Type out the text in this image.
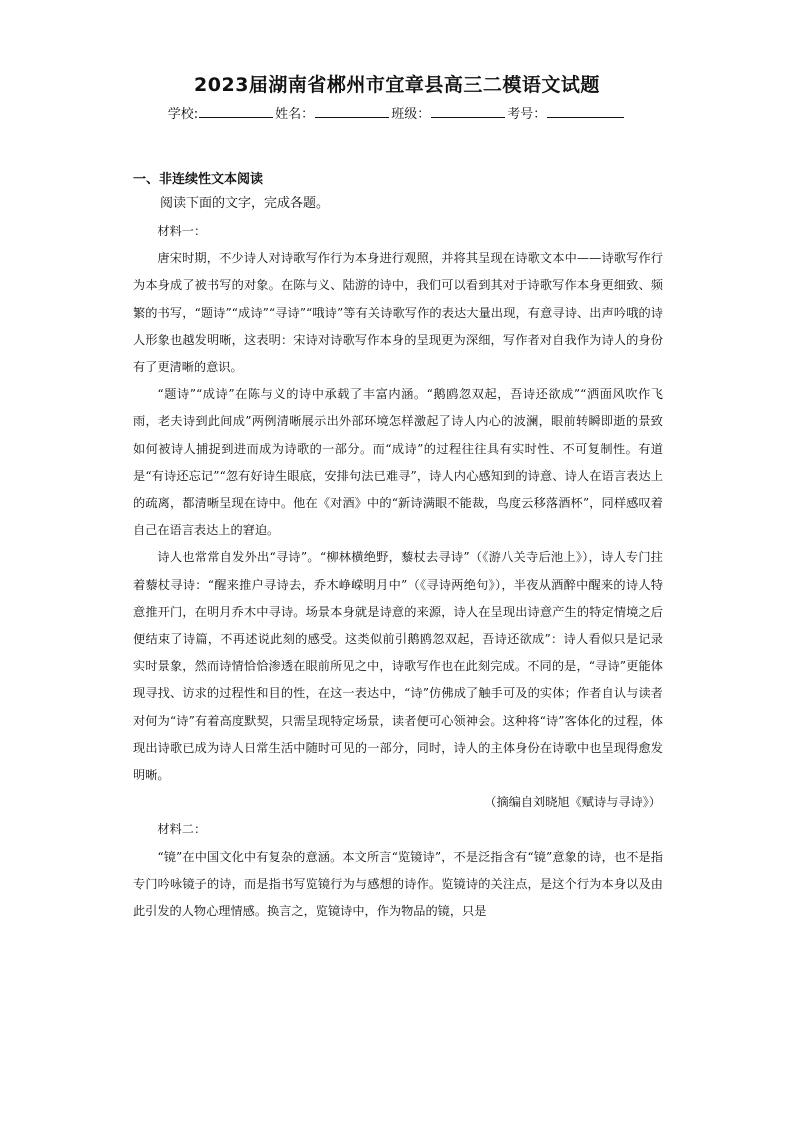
2023届湖南省郴州市宜章县高三二模语文试题
学校:	姓名：	班级：	考号：
一、非连续性文本阅读
阅读下面的文字，完成各题。

材料一：

唐宋时期，不少诗人对诗歌写作行为本身进行观照，并将其呈现在诗歌文本中——诗歌写作行为本身成了被书写的对象。在陈与义、陆游的诗中，我们可以看到其对于诗歌写作本身更细致、频繁的书写，“题诗”“成诗”“寻诗”“哦诗”等有关诗歌写作的表达大量出现，有意寻诗、出声吟哦的诗人形象也越发明晰，这表明：宋诗对诗歌写作本身的呈现更为深细，写作者对自我作为诗人的身份有了更清晰的意识。

“题诗”“成诗”在陈与义的诗中承载了丰富内涵。“鹅鸥忽双起，吾诗还欲成”“洒面风吹作飞雨，老夫诗到此间成”两例清晰展示出外部环境怎样激起了诗人内心的波澜，眼前转瞬即逝的景致如何被诗人捕捉到进而成为诗歌的一部分。而“成诗”的过程往往具有实时性、不可复制性。有道是“有诗还忘记”“忽有好诗生眼底，安排句法已难寻”，诗人内心感知到的诗意、诗人在语言表达上的疏离，都清晰呈现在诗中。他在《对酒》中的“新诗满眼不能裁，鸟度云移落酒杯”，同样感叹着自己在语言表达上的窘迫。

诗人也常常自发外出“寻诗”。“柳林横绝野，藜杖去寻诗”（《游八关寺后池上》），诗人专门拄着藜杖寻诗：“醒来推户寻诗去，乔木峥嵘明月中”（《寻诗两绝句》），半夜从酒醉中醒来的诗人特意推开门，在明月乔木中寻诗。场景本身就是诗意的来源，诗人在呈现出诗意产生的特定情境之后便结束了诗篇，不再述说此刻的感受。这类似前引鹅鸥忽双起，吾诗还欲成”：诗人看似只是记录实时景象，然而诗情恰恰渗透在眼前所见之中，诗歌写作也在此刻完成。不同的是，“寻诗”更能体现寻找、访求的过程性和目的性，在这一表达中，“诗”仿佛成了触手可及的实体；作者自认与读者对何为“诗”有着高度默契，只需呈现特定场景，读者便可心领神会。这种将“诗”客体化的过程，体现出诗歌已成为诗人日常生活中随时可见的一部分，同时，诗人的主体身份在诗歌中也呈现得愈发明晰。

（摘编自刘晓旭《赋诗与寻诗》）

材料二：

“镜”在中国文化中有复杂的意涵。本文所言“览镜诗”，不是泛指含有“镜”意象的诗，也不是指专门吟咏镜子的诗，而是指书写览镜行为与感想的诗作。览镜诗的关注点，是这个行为本身以及由此引发的人物心理情感。换言之，览镜诗中，作为物品的镜，只是
